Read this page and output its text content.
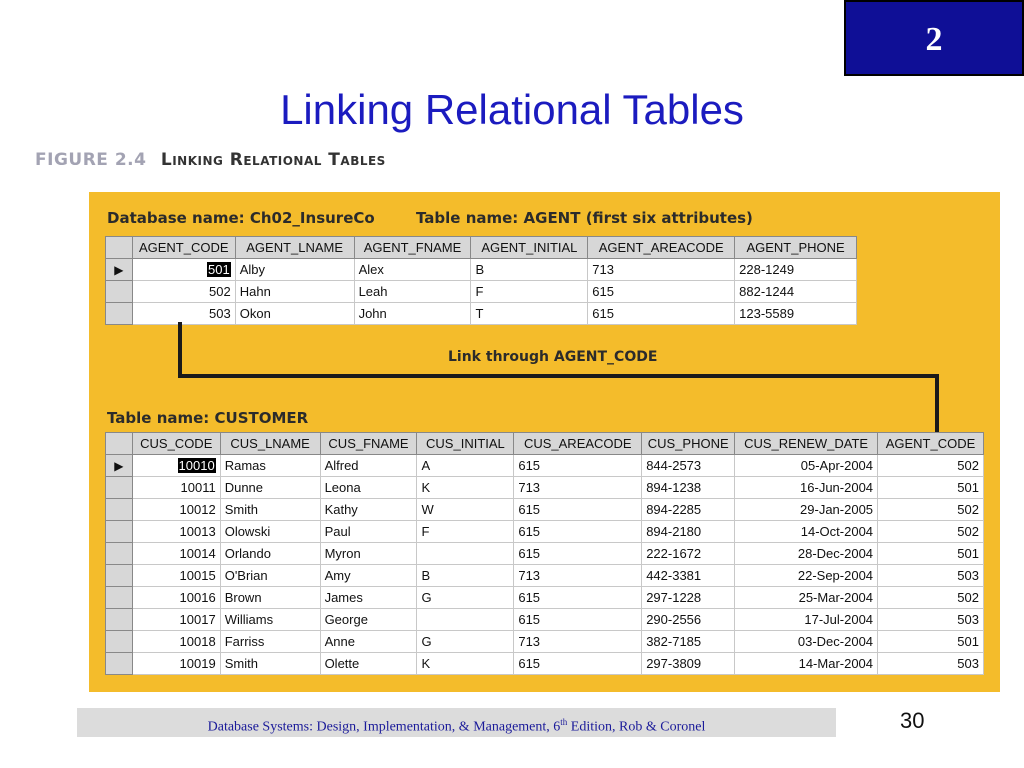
2
Linking Relational Tables
FIGURE 2.4 Linking Relational Tables
Database name: Ch02_InsureCo	Table name: AGENT (first six attributes)
	AGENT_CODE	AGENT_LNAME	AGENT_FNAME	AGENT_INITIAL	AGENT_AREACODE	AGENT_PHONE
▶	501	Alby	Alex	B	713	228-1249
	502	Hahn	Leah	F	615	882-1244
	503	Okon	John	T	615	123-5589
Link through AGENT_CODE
Table name: CUSTOMER
	CUS_CODE	CUS_LNAME	CUS_FNAME	CUS_INITIAL	CUS_AREACODE	CUS_PHONE	CUS_RENEW_DATE	AGENT_CODE
▶	10010	Ramas	Alfred	A	615	844-2573	05-Apr-2004	502
	10011	Dunne	Leona	K	713	894-1238	16-Jun-2004	501
	10012	Smith	Kathy	W	615	894-2285	29-Jan-2005	502
	10013	Olowski	Paul	F	615	894-2180	14-Oct-2004	502
	10014	Orlando	Myron		615	222-1672	28-Dec-2004	501
	10015	O'Brian	Amy	B	713	442-3381	22-Sep-2004	503
	10016	Brown	James	G	615	297-1228	25-Mar-2004	502
	10017	Williams	George		615	290-2556	17-Jul-2004	503
	10018	Farriss	Anne	G	713	382-7185	03-Dec-2004	501
	10019	Smith	Olette	K	615	297-3809	14-Mar-2004	503
Database Systems: Design, Implementation, & Management, 6th Edition, Rob & Coronel	30
